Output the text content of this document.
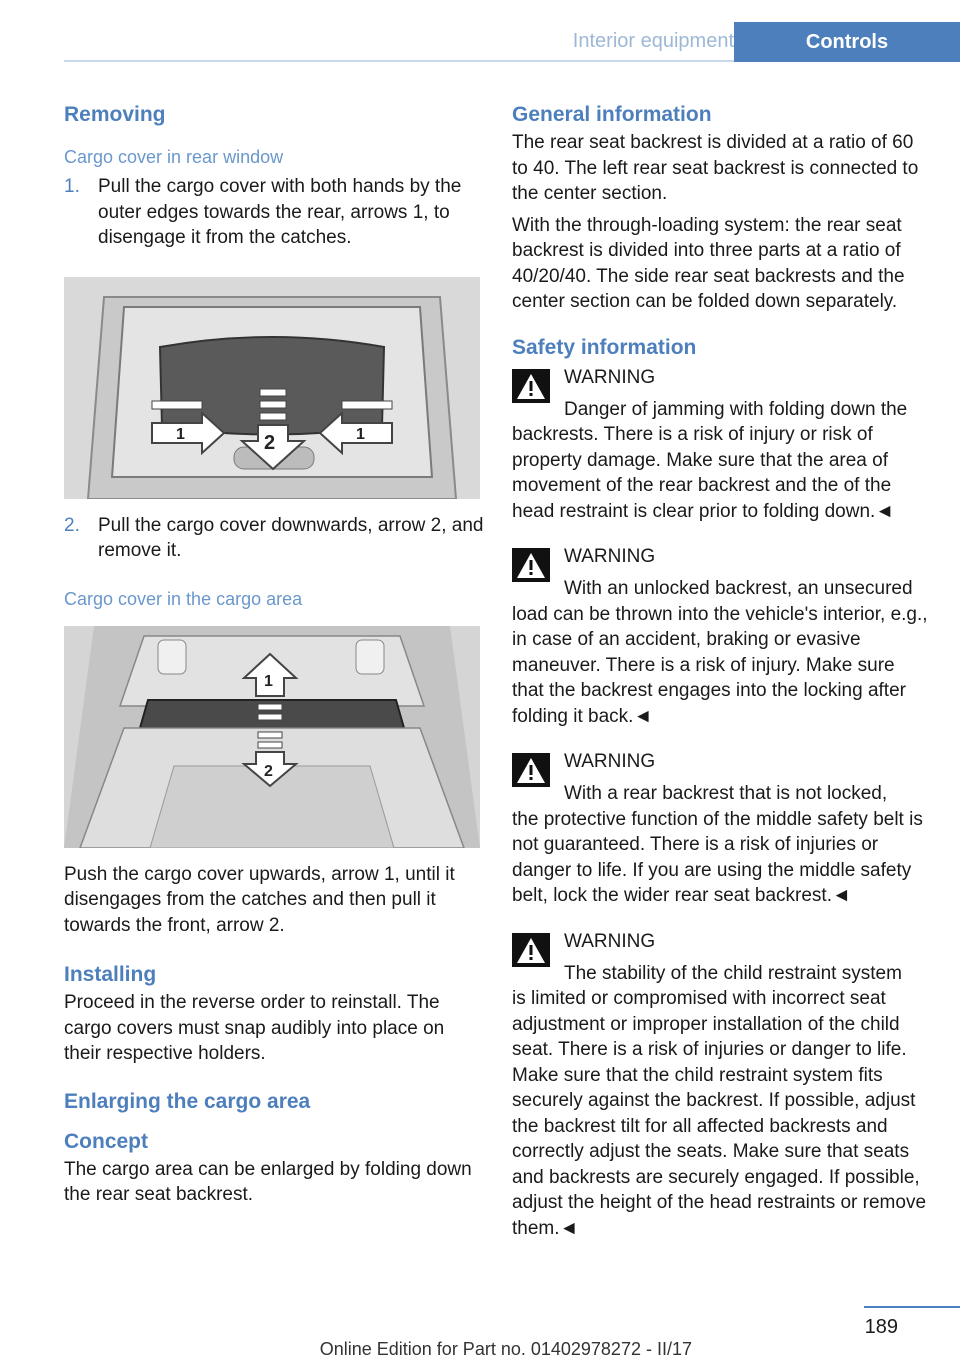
Interior equipment	Controls
Removing
Cargo cover in rear window
1. Pull the cargo cover with both hands by the outer edges towards the rear, arrows 1, to disengage it from the catches.
1	2	1
2. Pull the cargo cover downwards, arrow 2, and remove it.
Cargo cover in the cargo area
1
2

Push the cargo cover upwards, arrow 1, until it disengages from the catches and then pull it towards the front, arrow 2.

Installing

Proceed in the reverse order to reinstall. The cargo covers must snap audibly into place on their respective holders.

Enlarging the cargo area
Concept

The cargo area can be enlarged by folding down the rear seat backrest.

General information

The rear seat backrest is divided at a ratio of 60 to 40. The left rear seat backrest is connected to the center section.

With the through-loading system: the rear seat backrest is divided into three parts at a ratio of 40/20/40. The side rear seat backrests and the center section can be folded down separately.

Safety information
WARNING

Danger of jamming with folding down the

backrests. There is a risk of injury or risk of property damage. Make sure that the area of movement of the rear backrest and the of the head restraint is clear prior to folding down.◄

WARNING

With an unlocked backrest, an unsecured

load can be thrown into the vehicle's interior, e.g., in case of an accident, braking or evasive maneuver. There is a risk of injury. Make sure that the backrest engages into the locking after folding it back.◄

WARNING

With a rear backrest that is not locked,

the protective function of the middle safety belt is not guaranteed. There is a risk of injuries or danger to life. If you are using the middle safety belt, lock the wider rear seat backrest.◄

WARNING

The stability of the child restraint system

is limited or compromised with incorrect seat adjustment or improper installation of the child seat. There is a risk of injuries or danger to life. Make sure that the child restraint system fits securely against the backrest. If possible, adjust the backrest tilt for all affected backrests and correctly adjust the seats. Make sure that seats and backrests are securely engaged. If possible, adjust the height of the head restraints or remove them.◄

189
Online Edition for Part no. 01402978272 - II/17
